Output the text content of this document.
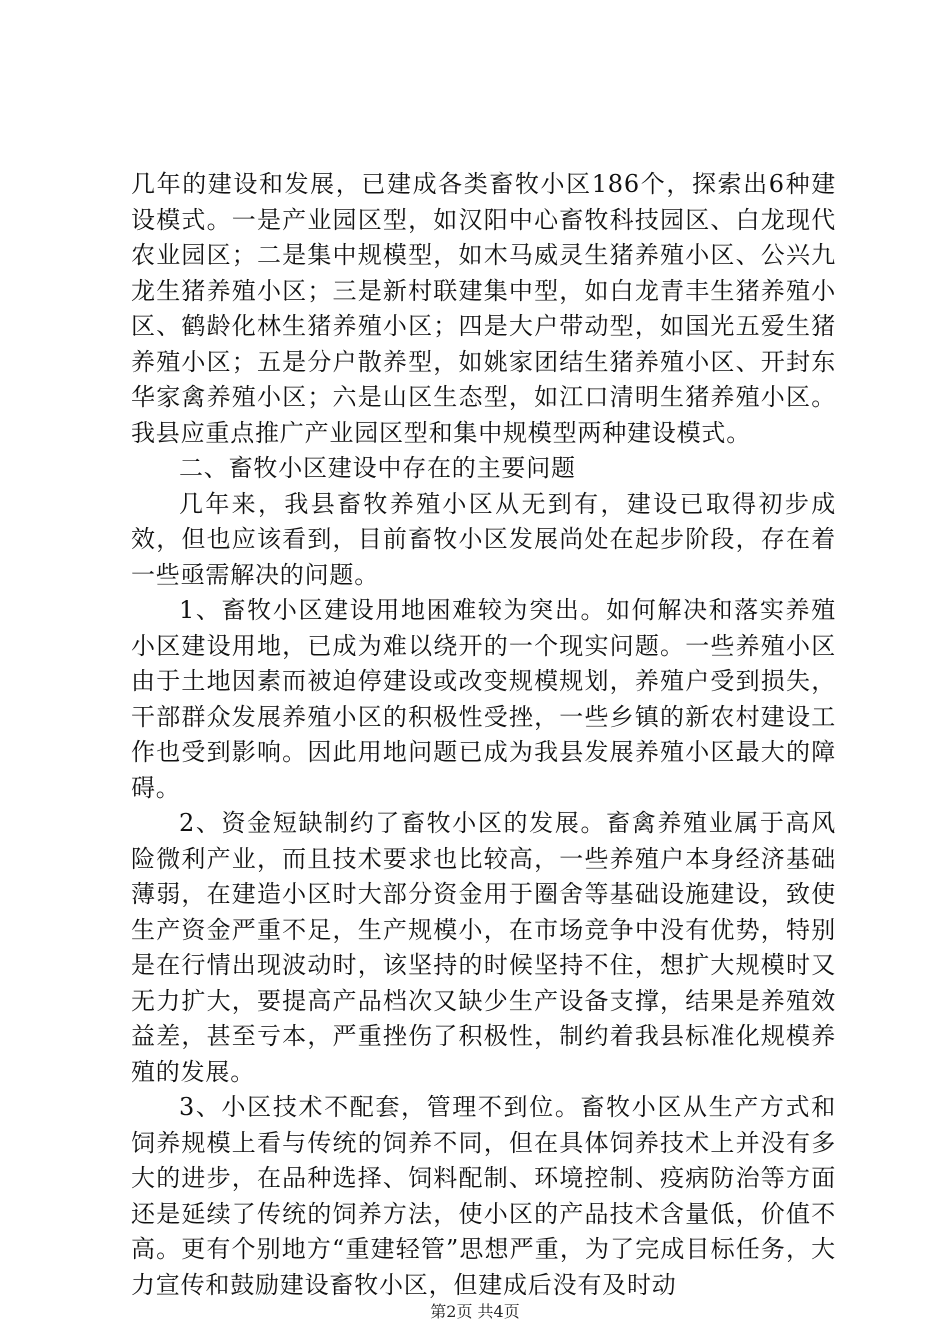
几年的建设和发展，已建成各类畜牧小区186个，探索出6种建设模式。一是产业园区型，如汉阳中心畜牧科技园区、白龙现代农业园区；二是集中规模型，如木马威灵生猪养殖小区、公兴九龙生猪养殖小区；三是新村联建集中型，如白龙青丰生猪养殖小区、鹤龄化林生猪养殖小区；四是大户带动型，如国光五爱生猪养殖小区；五是分户散养型，如姚家团结生猪养殖小区、开封东华家禽养殖小区；六是山区生态型，如江口清明生猪养殖小区。我县应重点推广产业园区型和集中规模型两种建设模式。

二、畜牧小区建设中存在的主要问题

几年来，我县畜牧养殖小区从无到有，建设已取得初步成效，但也应该看到，目前畜牧小区发展尚处在起步阶段，存在着一些亟需解决的问题。

1、畜牧小区建设用地困难较为突出。如何解决和落实养殖小区建设用地，已成为难以绕开的一个现实问题。一些养殖小区由于土地因素而被迫停建设或改变规模规划，养殖户受到损失，干部群众发展养殖小区的积极性受挫，一些乡镇的新农村建设工作也受到影响。因此用地问题已成为我县发展养殖小区最大的障碍。

2、资金短缺制约了畜牧小区的发展。畜禽养殖业属于高风险微利产业，而且技术要求也比较高，一些养殖户本身经济基础薄弱，在建造小区时大部分资金用于圈舍等基础设施建设，致使生产资金严重不足，生产规模小，在市场竞争中没有优势，特别是在行情出现波动时，该坚持的时候坚持不住，想扩大规模时又无力扩大，要提高产品档次又缺少生产设备支撑，结果是养殖效益差，甚至亏本，严重挫伤了积极性，制约着我县标准化规模养殖的发展。

3、小区技术不配套，管理不到位。畜牧小区从生产方式和饲养规模上看与传统的饲养不同，但在具体饲养技术上并没有多大的进步，在品种选择、饲料配制、环境控制、疫病防治等方面还是延续了传统的饲养方法，使小区的产品技术含量低，价值不高。更有个别地方“重建轻管”思想严重，为了完成目标任务，大力宣传和鼓励建设畜牧小区，但建成后没有及时动

第2页 共4页
